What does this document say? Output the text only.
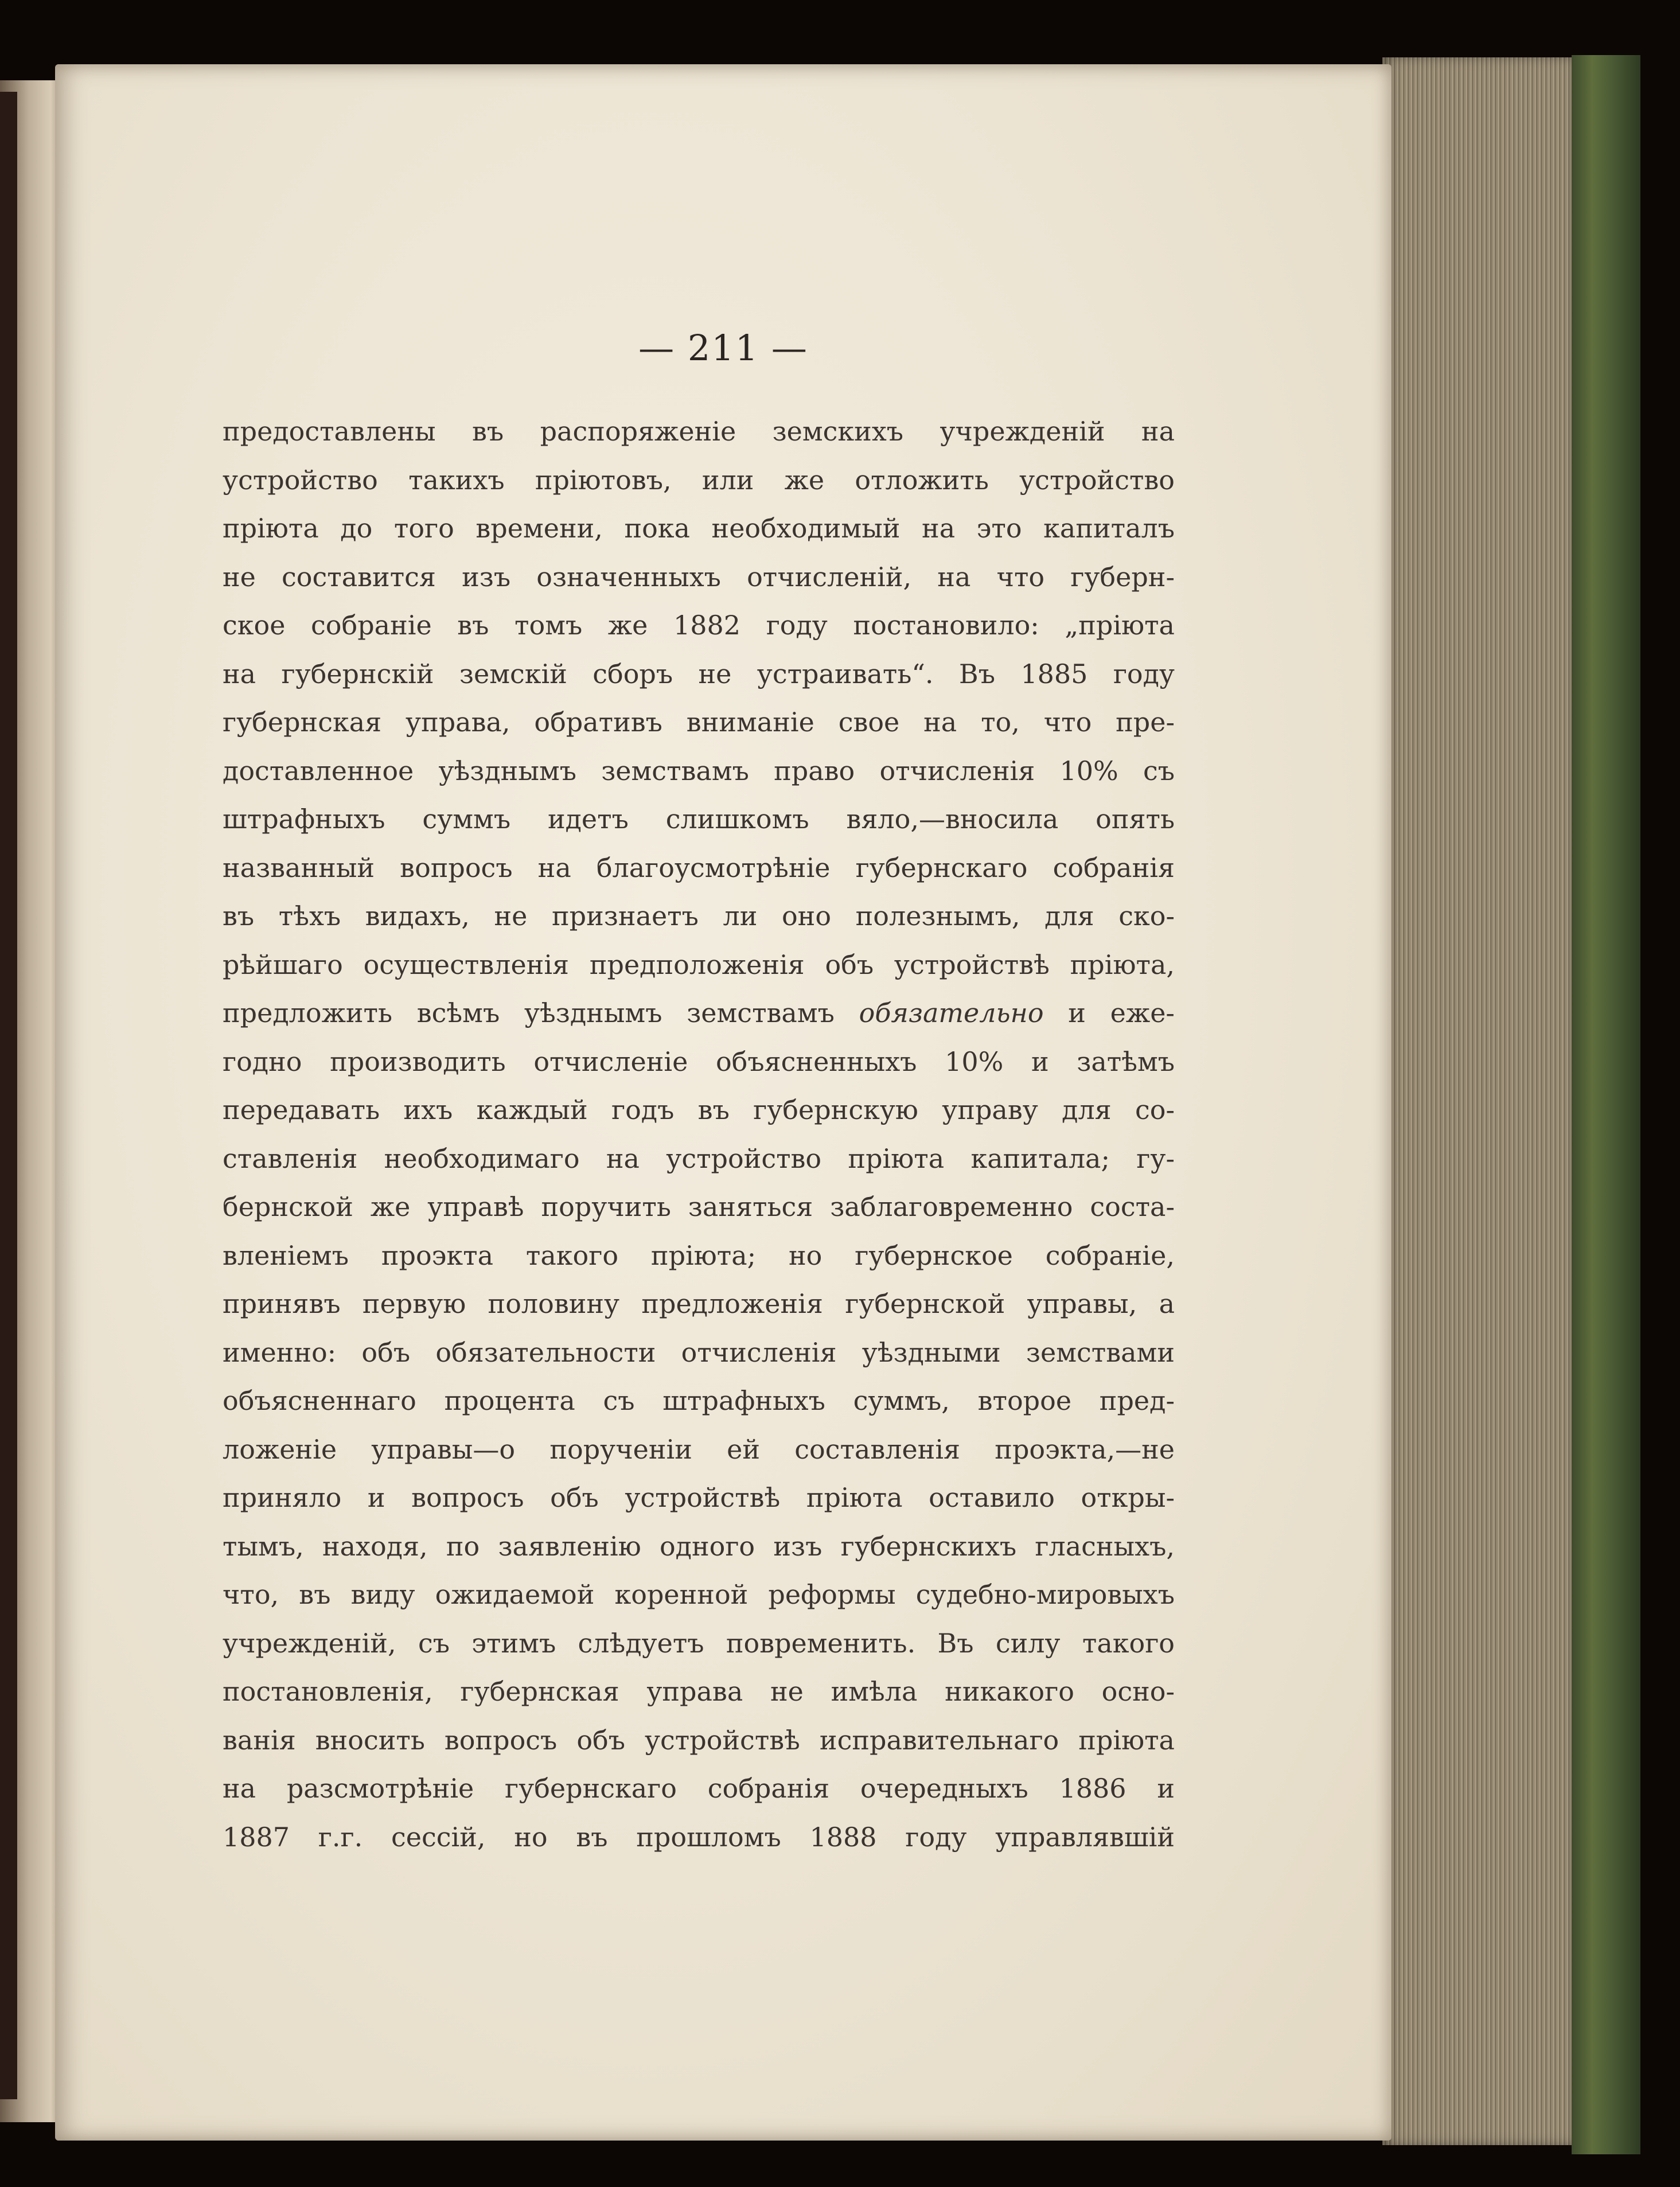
— 211 —
предоставлены въ распоряженіе земскихъ учрежденій на
устройство такихъ пріютовъ, или же отложить устройство
пріюта до того времени, пока необходимый на это капиталъ
не составится изъ означенныхъ отчисленій, на что губерн-
ское собраніе въ томъ же 1882 году постановило: „пріюта
на губернскій земскій сборъ не устраивать“. Въ 1885 году
губернская управа, обративъ вниманіе свое на то, что пре-
доставленное уѣзднымъ земствамъ право отчисленія 10% съ
штрафныхъ суммъ идетъ слишкомъ вяло,—вносила опять
названный вопросъ на благоусмотрѣніе губернскаго собранія
въ тѣхъ видахъ, не признаетъ ли оно полезнымъ, для ско-
рѣйшаго осуществленія предположенія объ устройствѣ пріюта,
предложить всѣмъ уѣзднымъ земствамъ обязательно и еже-
годно производить отчисленіе объясненныхъ 10% и затѣмъ
передавать ихъ каждый годъ въ губернскую управу для со-
ставленія необходимаго на устройство пріюта капитала; гу-
бернской же управѣ поручить заняться заблаговременно соста-
вленіемъ проэкта такого пріюта; но губернское собраніе,
принявъ первую половину предложенія губернской управы, а
именно: объ обязательности отчисленія уѣздными земствами
объясненнаго процента съ штрафныхъ суммъ, второе пред-
ложеніе управы—о порученіи ей составленія проэкта,—не
приняло и вопросъ объ устройствѣ пріюта оставило откры-
тымъ, находя, по заявленію одного изъ губернскихъ гласныхъ,
что, въ виду ожидаемой коренной реформы судебно-мировыхъ
учрежденій, съ этимъ слѣдуетъ повременить. Въ силу такого
постановленія, губернская управа не имѣла никакого осно-
ванія вносить вопросъ объ устройствѣ исправительнаго пріюта
на разсмотрѣніе губернскаго собранія очередныхъ 1886 и
1887 г.г. сессій, но въ прошломъ 1888 году управлявшій
